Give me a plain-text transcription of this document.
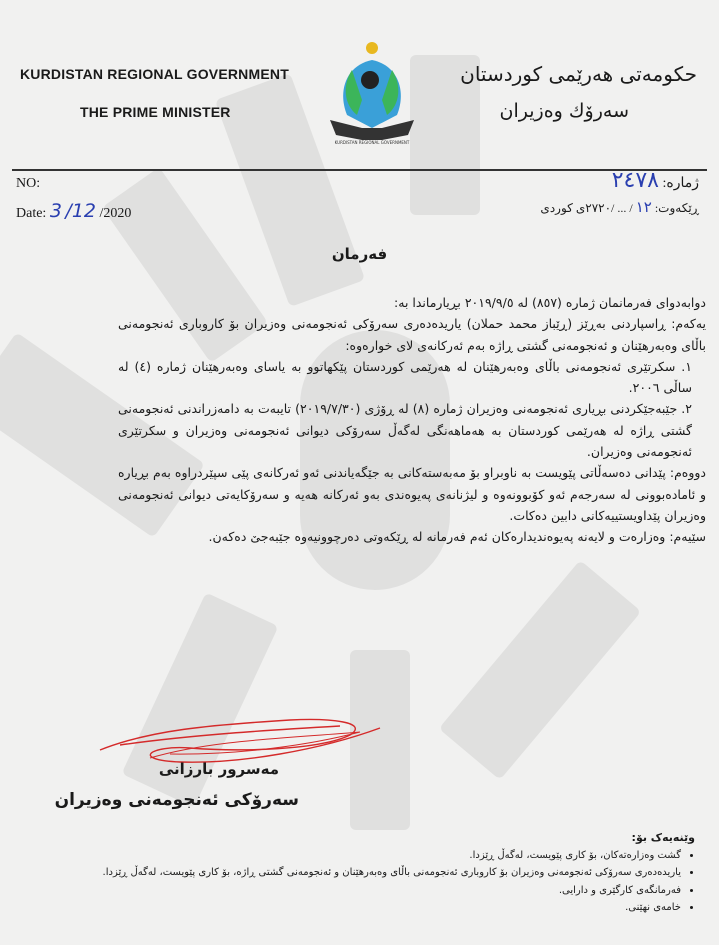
KURDISTAN REGIONAL GOVERNMENT
THE PRIME MINISTER
KURDISTAN REGIONAL GOVERNMENT
حکومەتی هەرێمی کوردستان
سەرۆك وەزیران
NO:
Date: 3 /12 /2020
ژمارە: ٢٤٧٨
ڕێکەوت: ١٢ / ... /٢٧٢٠ی کوردی
فەرمان

دوابەدوای فەرمانمان ژمارە (٨٥٧) لە ٢٠١٩/٩/٥ بڕیارماندا بە:

یەکەم: ڕاسپاردنی بەڕێز (ڕێباز محمد حملان) یاریدەدەری سەرۆکی ئەنجومەنی وەزیران بۆ کاروباری ئەنجومەنی باڵای وەبەرهێنان و ئەنجومەنی گشتی ڕاژە بەم ئەرکانەی لای خوارەوە:

١. سکرتێری ئەنجومەنی باڵای وەبەرهێنان لە هەرێمی کوردستان پێکهاتوو بە یاسای وەبەرهێنان ژمارە (٤) لە ساڵی ٢٠٠٦.

٢. جێبەجێکردنی بڕیاری ئەنجومەنی وەزیران ژمارە (٨) لە ڕۆژی (٢٠١٩/٧/٣٠) تایبەت بە دامەزراندنی ئەنجومەنی گشتی ڕاژە لە هەرێمی کوردستان بە هەماهەنگی لەگەڵ سەرۆکی دیوانی ئەنجومەنی وەزیران و سکرتێری ئەنجومەنی وەزیران.

دووەم: پێدانی دەسەڵاتی پێویست بە ناوبراو بۆ مەبەستەکانی بە جێگەیاندنی ئەو ئەرکانەی پێی سپێردراوە بەم بڕیارە و ئامادەبوونی لە سەرجەم ئەو کۆبوونەوە و لیژنانەی پەیوەندی بەو ئەرکانە هەیە و سەرۆکایەتی دیوانی ئەنجومەنی وەزیران پێداویستییەکانی دابین دەکات.

سێیەم: وەزارەت و لایەنە پەیوەندیدارەکان ئەم فەرمانە لە ڕێکەوتی دەرچوونیەوە جێبەجێ دەکەن.

مەسرور بارزانی
سەرۆکی ئەنجومەنی وەزیران
وێنەیەک بۆ:
• گشت وەزارەتەکان، بۆ کاری پێویست، لەگەڵ ڕێزدا.
• یاریدەدەری سەرۆکی ئەنجومەنی وەزیران بۆ کاروباری ئەنجومەنی باڵای وەبەرهێنان و ئەنجومەنی گشتی ڕاژە، بۆ کاری پێویست، لەگەڵ ڕێزدا.
• فەرمانگەی کارگێری و دارایی.
• خامەی نهێنی.
